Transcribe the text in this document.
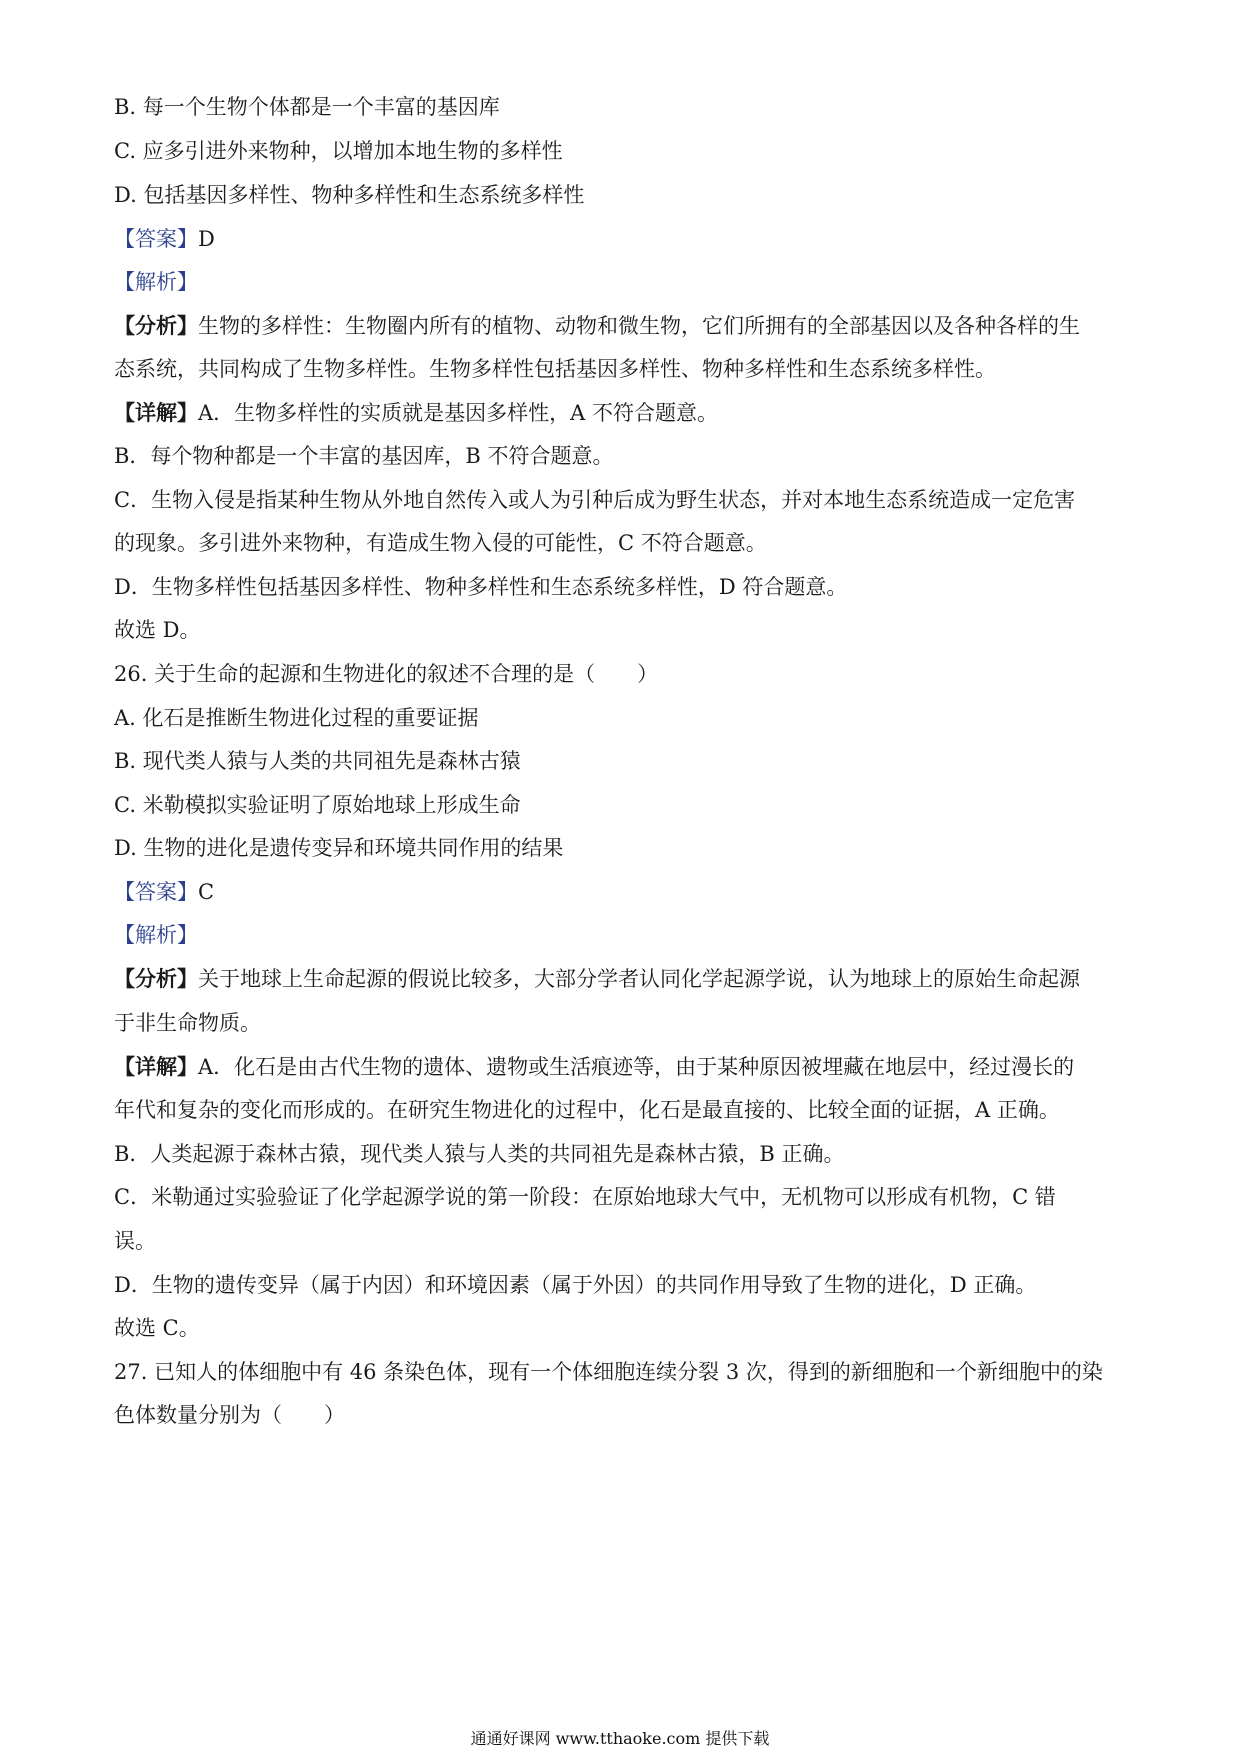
B. 每一个生物个体都是一个丰富的基因库
C. 应多引进外来物种，以增加本地生物的多样性
D. 包括基因多样性、物种多样性和生态系统多样性
【答案】D
【解析】
【分析】生物的多样性：生物圈内所有的植物、动物和微生物，它们所拥有的全部基因以及各种各样的生
态系统，共同构成了生物多样性。生物多样性包括基因多样性、物种多样性和生态系统多样性。
【详解】A．生物多样性的实质就是基因多样性，A 不符合题意。
B．每个物种都是一个丰富的基因库，B 不符合题意。
C．生物入侵是指某种生物从外地自然传入或人为引种后成为野生状态，并对本地生态系统造成一定危害
的现象。多引进外来物种，有造成生物入侵的可能性，C 不符合题意。
D．生物多样性包括基因多样性、物种多样性和生态系统多样性，D 符合题意。
故选 D。
26. 关于生命的起源和生物进化的叙述不合理的是（　　）
A. 化石是推断生物进化过程的重要证据
B. 现代类人猿与人类的共同祖先是森林古猿
C. 米勒模拟实验证明了原始地球上形成生命
D. 生物的进化是遗传变异和环境共同作用的结果
【答案】C
【解析】
【分析】关于地球上生命起源的假说比较多，大部分学者认同化学起源学说，认为地球上的原始生命起源
于非生命物质。
【详解】A．化石是由古代生物的遗体、遗物或生活痕迹等，由于某种原因被埋藏在地层中，经过漫长的
年代和复杂的变化而形成的。在研究生物进化的过程中，化石是最直接的、比较全面的证据，A 正确。
B．人类起源于森林古猿，现代类人猿与人类的共同祖先是森林古猿，B 正确。
C．米勒通过实验验证了化学起源学说的第一阶段：在原始地球大气中，无机物可以形成有机物，C 错
误。
D．生物的遗传变异（属于内因）和环境因素（属于外因）的共同作用导致了生物的进化，D 正确。
故选 C。
27. 已知人的体细胞中有 46 条染色体，现有一个体细胞连续分裂 3 次，得到的新细胞和一个新细胞中的染
色体数量分别为（　　）
通通好课网 www.tthaoke.com 提供下载
